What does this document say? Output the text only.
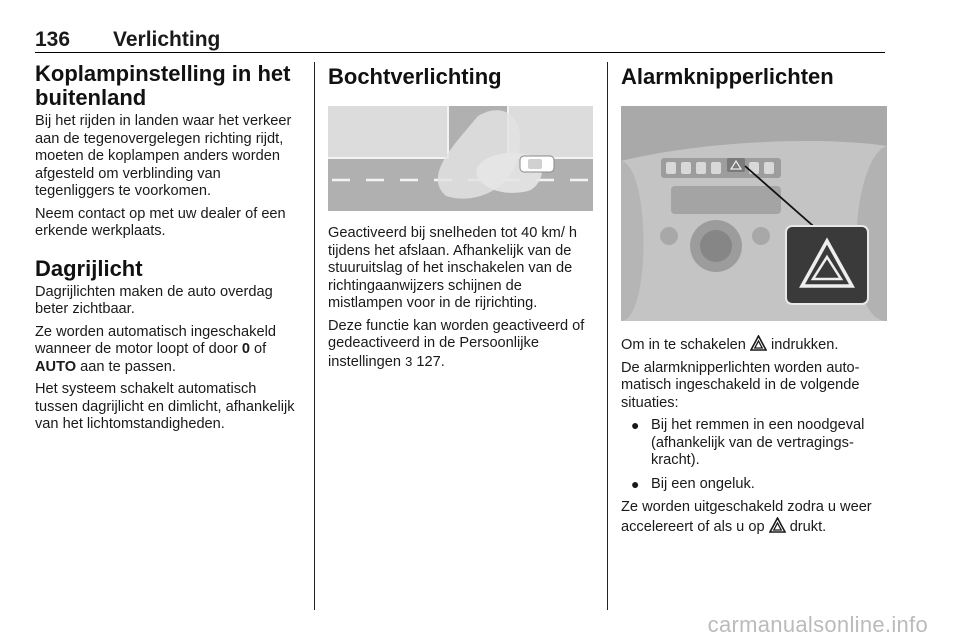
136 Verlichting
Koplampinstelling in het buitenland

Bij het rijden in landen waar het verkeer aan de tegenovergelegen richting rijdt, moeten de koplampen anders worden afgesteld om verblinding van tegenliggers te voorkomen.

Neem contact op met uw dealer of een erkende werkplaats.

Dagrijlicht

Dagrijlichten maken de auto overdag beter zichtbaar.

Ze worden automatisch ingeschakeld wanneer de motor loopt of door 0 of AUTO aan te passen.

Het systeem schakelt automatisch tussen dagrijlicht en dimlicht, afhankelijk van het lichtomstandigheden.

Bochtverlichting

Geactiveerd bij snelheden tot 40 km/ h tijdens het afslaan. Afhankelijk van de stuuruitslag of het inschakelen van de richtingaanwijzers schijnen de mistlampen voor in de rijrichting.

Deze functie kan worden geactiveerd of gedeactiveerd in de Persoonlijke instellingen 3 127.

Alarmknipperlichten

Om in te schakelen  indrukken.

De alarmknipperlichten worden automatisch ingeschakeld in de volgende situaties:

● Bij het remmen in een noodgeval (afhankelijk van de vertragingskracht).
● Bij een ongeluk.

Ze worden uitgeschakeld zodra u weer accelereert of als u op  drukt.

carmanualsonline.info
